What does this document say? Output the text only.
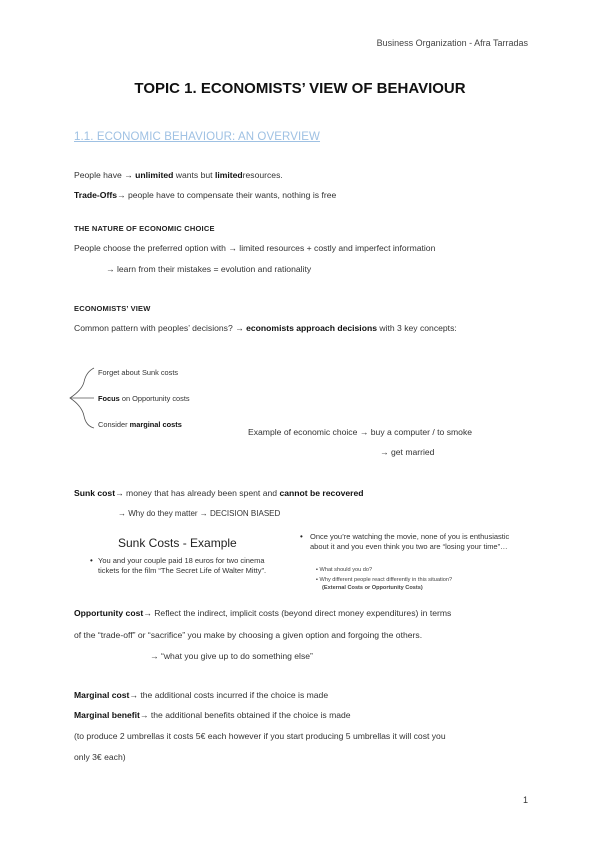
Business Organization - Afra Tarradas
TOPIC 1. ECONOMISTS’ VIEW OF BEHAVIOUR
1.1. ECONOMIC BEHAVIOUR: AN OVERVIEW
People have → unlimited wants but limitedresources.
Trade-Offs→ people have to compensate their wants, nothing is free
THE NATURE OF ECONOMIC CHOICE
People choose the preferred option with → limited resources + costly and imperfect information
→ learn from their mistakes = evolution and rationality
ECONOMISTS’ VIEW
Common pattern with peoples’ decisions? → economists approach decisions with 3 key concepts:
Forget about Sunk costs
Focus on Opportunity costs
Consider marginal costs
Example of economic choice → buy a computer / to smoke
→ get married
Sunk cost→ money that has already been spent and cannot be recovered
→ Why do they matter → DECISION BIASED
Sunk Costs - Example
• You and your couple paid 18 euros for two cinema tickets for the film “The Secret Life of Walter Mitty”.
• Once you’re watching the movie, none of you is enthusiastic about it and you even think you two are “losing your time”…
▪ What should you do?
▪ Why different people react differently in this situation?
(External Costs or Opportunity Costs)
Opportunity cost→ Reflect the indirect, implicit costs (beyond direct money expenditures) in terms
of the “trade-off” or “sacrifice” you make by choosing a given option and forgoing the others.
→ “what you give up to do something else”
Marginal cost→ the additional costs incurred if the choice is made
Marginal benefit→ the additional benefits obtained if the choice is made
(to produce 2 umbrellas it costs 5€ each however if you start producing 5 umbrellas it will cost you
only 3€ each)
1
